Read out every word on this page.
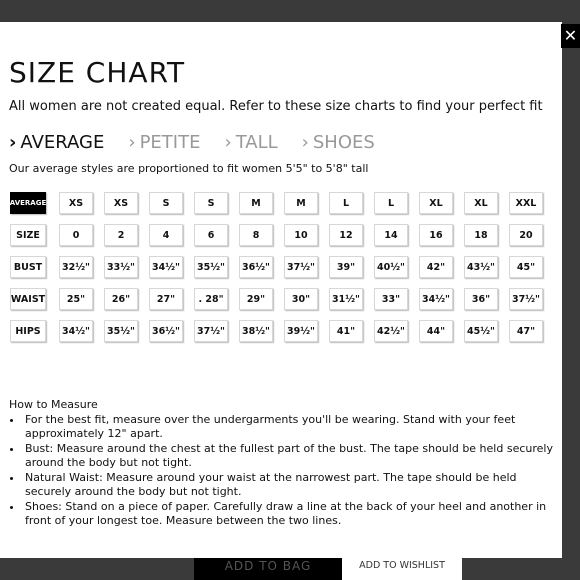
SIZE CHART
All women are not created equal. Refer to these size charts to find your perfect fit
› AVERAGE › PETITE › TALL › SHOES
Our average styles are proportioned to fit women 5'5" to 5'8" tall
AVERAGE	XS	XS	S	S	M	M	L	L	XL	XL	XXL
SIZE	0	2	4	6	8	10	12	14	16	18	20
BUST	32½"	33½"	34½"	35½"	36½"	37½"	39"	40½"	42"	43½"	45"
WAIST	25"	26"	27"	. 28"	29"	30"	31½"	33"	34½"	36"	37½"
HIPS	34½"	35½"	36½"	37½"	38½"	39½"	41"	42½"	44"	45½"	47"
How to Measure
• For the best fit, measure over the undergarments you'll be wearing. Stand with your feet approximately 12" apart.
• Bust: Measure around the chest at the fullest part of the bust. The tape should be held securely around the body but not tight.
• Natural Waist: Measure around your waist at the narrowest part. The tape should be held securely around the body but not tight.
• Shoes: Stand on a piece of paper. Carefully draw a line at the back of your heel and another in front of your longest toe. Measure between the two lines.
✕
ADD TO BAG	ADD TO WISHLIST
